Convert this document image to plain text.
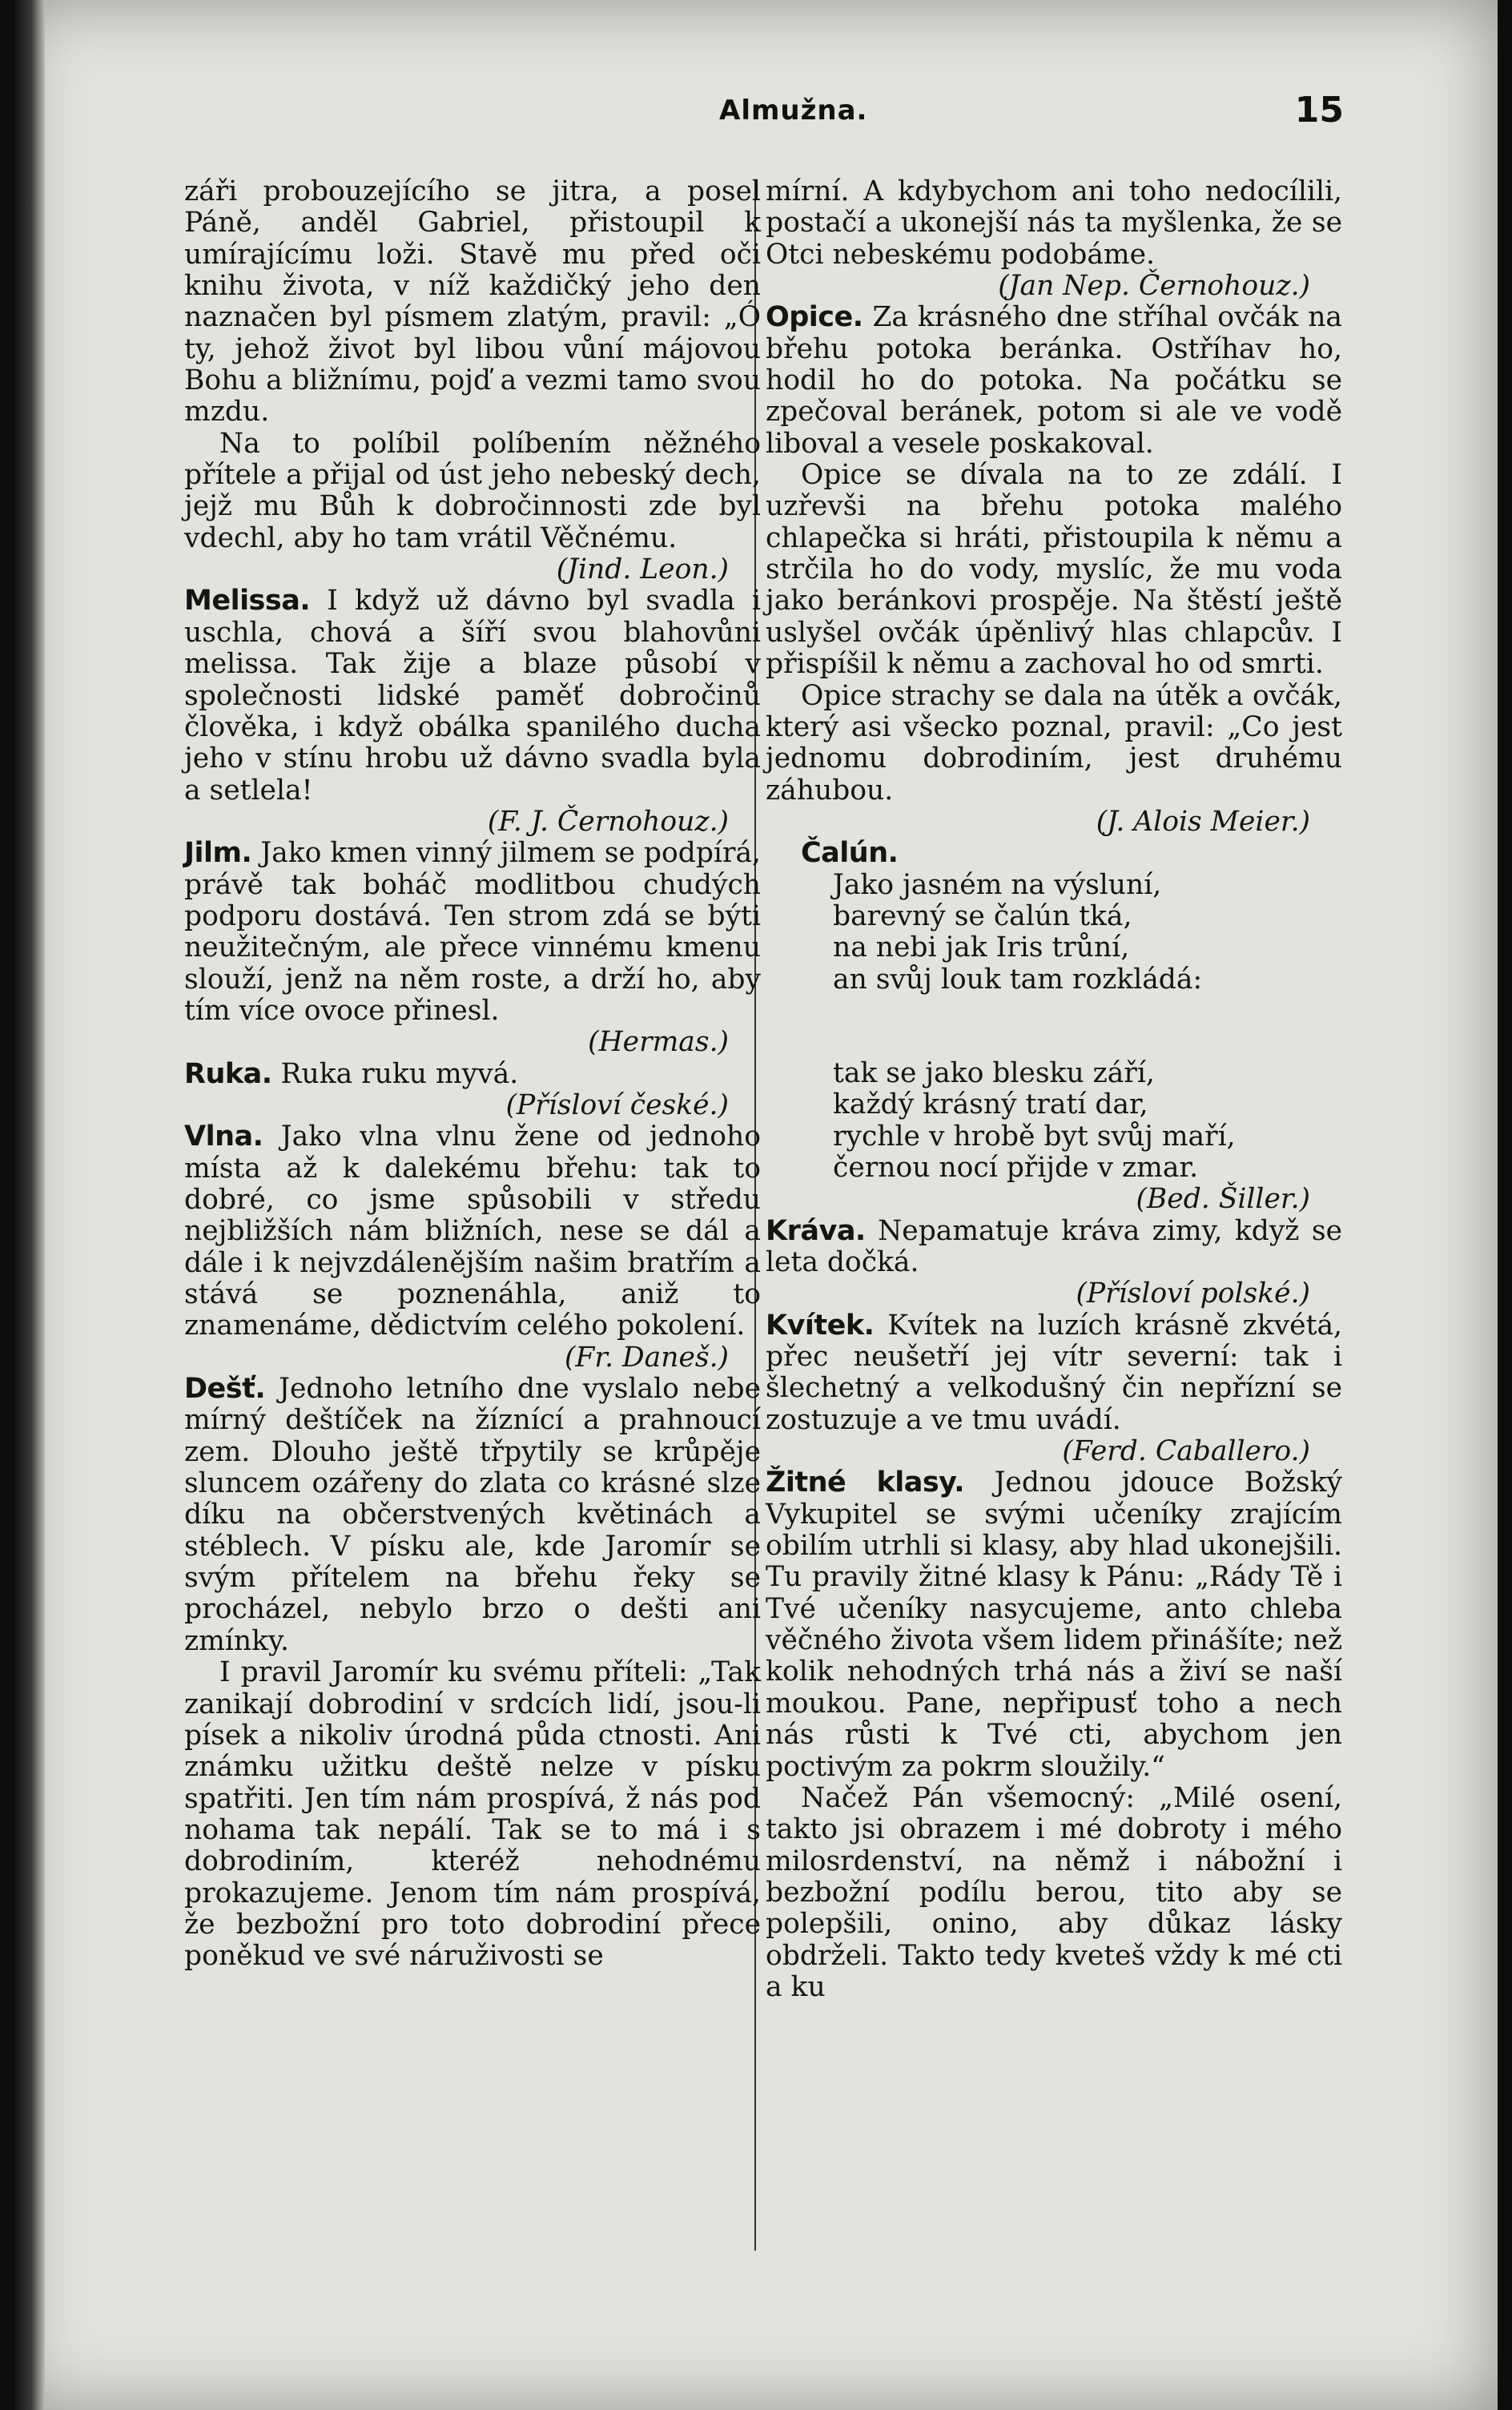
Almužna.	15

záři probouzejícího se jitra, a posel Páně, anděl Gabriel, přistoupil k umírajícímu loži. Stavě mu před oči knihu života, v níž každičký jeho den naznačen byl písmem zlatým, pravil: „Ó ty, jehož život byl libou vůní májovou Bohu a bližnímu, pojď a vezmi tamo svou mzdu.

Na to políbil políbením něžného přítele a přijal od úst jeho nebeský dech, jejž mu Bůh k dobročinnosti zde byl vdechl, aby ho tam vrátil Věčnému.

(Jind. Leon.)

Melissa. I když už dávno byl svadla i uschla, chová a šíří svou blahovůni melissa. Tak žije a blaze působí v společnosti lidské paměť dobročinů člověka, i když obálka spanilého ducha jeho v stínu hrobu už dávno svadla byla a setlela!

(F. J. Černohouz.)

Jilm. Jako kmen vinný jilmem se podpírá, právě tak boháč modlitbou chudých podporu dostává. Ten strom zdá se býti neužitečným, ale přece vinnému kmenu slouží, jenž na něm roste, a drží ho, aby tím více ovoce přinesl.

(Hermas.)

Ruka. Ruka ruku myvá.

(Přísloví české.)

Vlna. Jako vlna vlnu žene od jednoho místa až k dalekému břehu: tak to dobré, co jsme spůsobili v středu nejbližších nám bližních, nese se dál a dále i k nejvzdálenějším našim bratřím a stává se poznenáhla, aniž to znamenáme, dědictvím celého pokolení.

(Fr. Daneš.)

Dešť. Jednoho letního dne vyslalo nebe mírný deštíček na žíznící a prahnoucí zem. Dlouho ještě třpytily se krůpěje sluncem ozářeny do zlata co krásné slze díku na občerstvených květinách a stéblech. V písku ale, kde Jaromír se svým přítelem na břehu řeky se procházel, nebylo brzo o dešti ani zmínky.

I pravil Jaromír ku svému příteli: „Tak zanikají dobrodiní v srdcích lidí, jsou-li písek a nikoliv úrodná půda ctnosti. Ani známku užitku deště nelze v písku spatřiti. Jen tím nám prospívá, ž nás pod nohama tak nepálí. Tak se to má i s dobrodiním, kteréž nehodnému prokazujeme. Jenom tím nám prospívá, že bezbožní pro toto dobrodiní přece poněkud ve své náruživosti se

mírní. A kdybychom ani toho nedocílili, postačí a ukonejší nás ta myšlenka, že se Otci nebeskému podobáme.

(Jan Nep. Černohouz.)

Opice. Za krásného dne stříhal ovčák na břehu potoka beránka. Ostříhav ho, hodil ho do potoka. Na počátku se zpečoval beránek, potom si ale ve vodě liboval a vesele poskakoval.

Opice se dívala na to ze zdálí. I uzřevši na břehu potoka malého chlapečka si hráti, přistoupila k němu a strčila ho do vody, myslíc, že mu voda jako beránkovi prospěje. Na štěstí ještě uslyšel ovčák úpěnlivý hlas chlapcův. I přispíšil k němu a zachoval ho od smrti.

Opice strachy se dala na útěk a ovčák, který asi všecko poznal, pravil: „Co jest jednomu dobrodiním, jest druhému záhubou.

(J. Alois Meier.)

Čalún.

Jako jasném na výsluní,
barevný se čalún tká,
na nebi jak Iris trůní,
an svůj louk tam rozkládá:
tak se jako blesku září,
každý krásný tratí dar,
rychle v hrobě byt svůj maří,
černou nocí přijde v zmar.

(Bed. Šiller.)

Kráva. Nepamatuje kráva zimy, když se leta dočká.

(Přísloví polské.)

Kvítek. Kvítek na luzích krásně zkvétá, přec neušetří jej vítr severní: tak i šlechetný a velkodušný čin nepřízní se zostuzuje a ve tmu uvádí.

(Ferd. Caballero.)

Žitné klasy. Jednou jdouce Božský Vykupitel se svými učeníky zrajícím obilím utrhli si klasy, aby hlad ukonejšili. Tu pravily žitné klasy k Pánu: „Rády Tě i Tvé učeníky nasycujeme, anto chleba věčného života všem lidem přinášíte; než kolik nehodných trhá nás a živí se naší moukou. Pane, nepřipusť toho a nech nás růsti k Tvé cti, abychom jen poctivým za pokrm sloužily.“

Načež Pán všemocný: „Milé osení, takto jsi obrazem i mé dobroty i mého milosrdenství, na němž i nábožní i bezbožní podílu berou, tito aby se polepšili, onino, aby důkaz lásky obdrželi. Takto tedy kveteš vždy k mé cti a ku
